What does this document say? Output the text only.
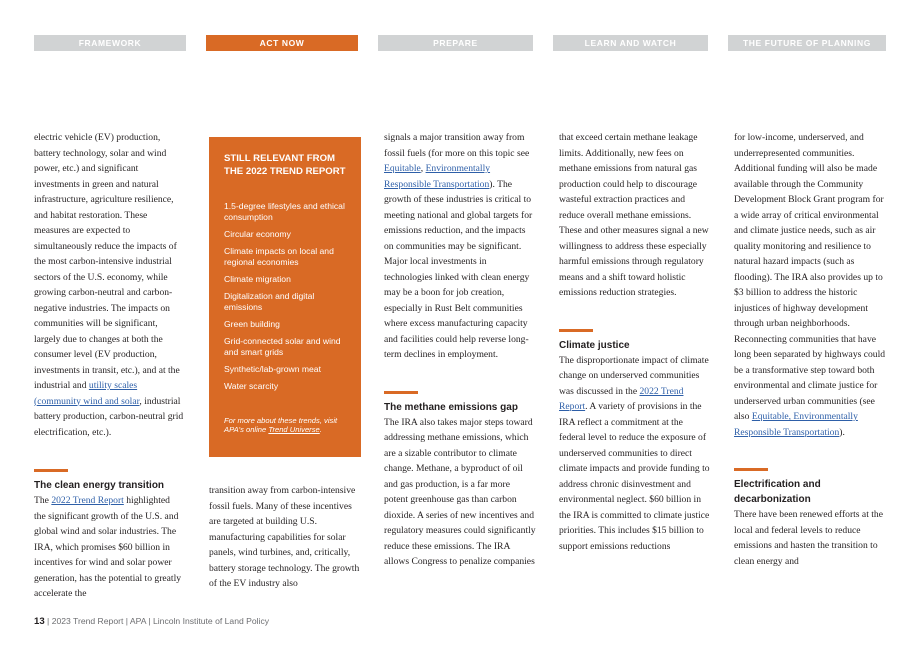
FRAMEWORK	ACT NOW	PREPARE	LEARN AND WATCH	THE FUTURE OF PLANNING

electric vehicle (EV) production, battery technology, solar and wind power, etc.) and significant investments in green and natural infrastructure, agriculture resilience, and habitat restoration. These measures are expected to simultaneously reduce the impacts of the most carbon-intensive industrial sectors of the U.S. economy, while growing carbon-neutral and carbon-negative industries. The impacts on communities will be significant, largely due to changes at both the consumer level (EV production, investments in transit, etc.), and at the industrial and utility scales (community wind and solar, industrial battery production, carbon-neutral grid electrification, etc.).

The clean energy transition

The 2022 Trend Report highlighted the significant growth of the U.S. and global wind and solar industries. The IRA, which promises $60 billion in incentives for wind and solar power generation, has the potential to greatly accelerate the

STILL RELEVANT FROM THE 2022 TREND REPORT
1.5-degree lifestyles and ethical consumption
Circular economy
Climate impacts on local and regional economies
Climate migration
Digitalization and digital emissions
Green building
Grid-connected solar and wind and smart grids
Synthetic/lab-grown meat
Water scarcity
For more about these trends, visit APA's online Trend Universe.

transition away from carbon-intensive fossil fuels. Many of these incentives are targeted at building U.S. manufacturing capabilities for solar panels, wind turbines, and, critically, battery storage technology. The growth of the EV industry also

signals a major transition away from fossil fuels (for more on this topic see Equitable, Environmentally Responsible Transportation). The growth of these industries is critical to meeting national and global targets for emissions reduction, and the impacts on communities may be significant. Major local investments in technologies linked with clean energy may be a boon for job creation, especially in Rust Belt communities where excess manufacturing capacity and facilities could help reverse long-term declines in employment.

The methane emissions gap

The IRA also takes major steps toward addressing methane emissions, which are a sizable contributor to climate change. Methane, a byproduct of oil and gas production, is a far more potent greenhouse gas than carbon dioxide. A series of new incentives and regulatory measures could significantly reduce these emissions. The IRA allows Congress to penalize companies

that exceed certain methane leakage limits. Additionally, new fees on methane emissions from natural gas production could help to discourage wasteful extraction practices and reduce overall methane emissions. These and other measures signal a new willingness to address these especially harmful emissions through regulatory means and a shift toward holistic emissions reduction strategies.

Climate justice

The disproportionate impact of climate change on underserved communities was discussed in the 2022 Trend Report. A variety of provisions in the IRA reflect a commitment at the federal level to reduce the exposure of underserved communities to direct climate impacts and provide funding to address chronic disinvestment and environmental neglect. $60 billion in the IRA is committed to climate justice priorities. This includes $15 billion to support emissions reductions

for low-income, underserved, and underrepresented communities. Additional funding will also be made available through the Community Development Block Grant program for a wide array of critical environmental and climate justice needs, such as air quality monitoring and resilience to natural hazard impacts (such as flooding). The IRA also provides up to $3 billion to address the historic injustices of highway development through urban neighborhoods. Reconnecting communities that have long been separated by highways could be a transformative step toward both environmental and climate justice for underserved urban communities (see also Equitable, Environmentally Responsible Transportation).

Electrification and decarbonization

There have been renewed efforts at the local and federal levels to reduce emissions and hasten the transition to clean energy and

13 | 2023 Trend Report | APA | Lincoln Institute of Land Policy
